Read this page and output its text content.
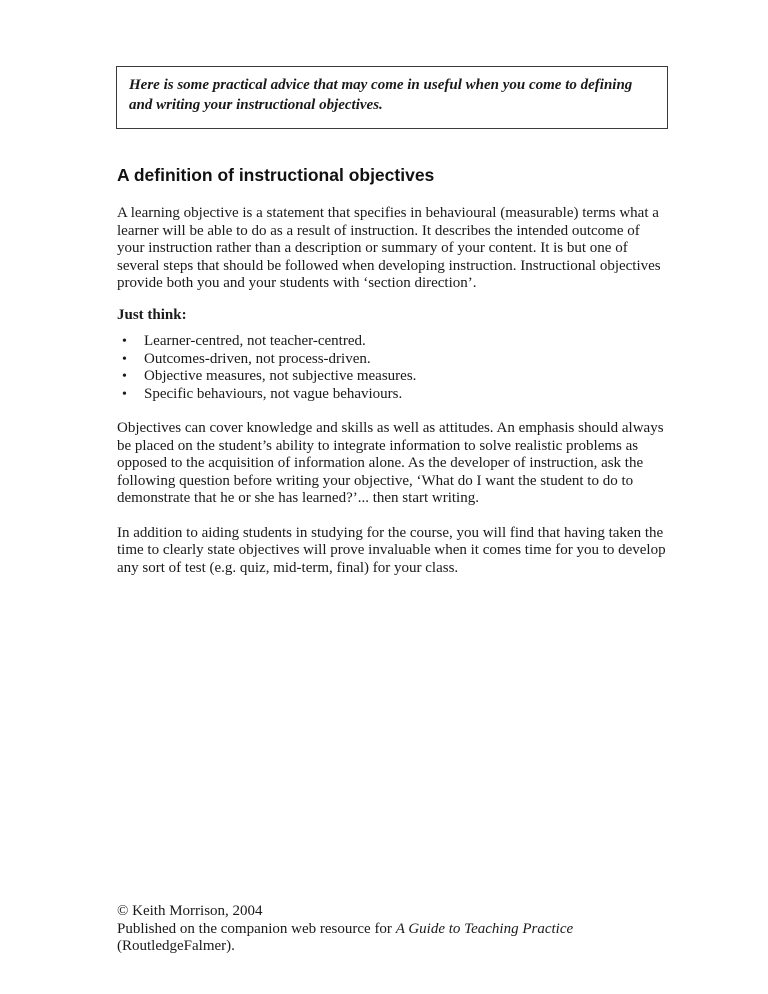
Here is some practical advice that may come in useful when you come to defining and writing your instructional objectives.

A definition of instructional objectives

A learning objective is a statement that specifies in behavioural (measurable) terms what a learner will be able to do as a result of instruction. It describes the intended outcome of your instruction rather than a description or summary of your content. It is but one of several steps that should be followed when developing instruction. Instructional objectives provide both you and your students with ‘section direction’.

Just think:

• Learner-centred, not teacher-centred.
• Outcomes-driven, not process-driven.
• Objective measures, not subjective measures.
• Specific behaviours, not vague behaviours.

Objectives can cover knowledge and skills as well as attitudes. An emphasis should always be placed on the student’s ability to integrate information to solve realistic problems as opposed to the acquisition of information alone. As the developer of instruction, ask the following question before writing your objective, ‘What do I want the student to do to demonstrate that he or she has learned?’... then start writing.

In addition to aiding students in studying for the course, you will find that having taken the time to clearly state objectives will prove invaluable when it comes time for you to develop any sort of test (e.g. quiz, mid-term, final) for your class.

© Keith Morrison, 2004

Published on the companion web resource for A Guide to Teaching Practice

(RoutledgeFalmer).
